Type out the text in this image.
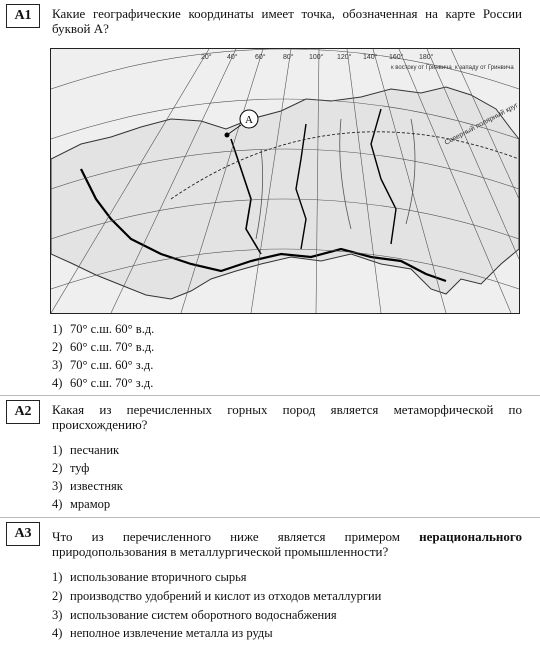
A1	Какие географические координаты имеет точка, обозначенная на карте России буквой А?
Северный полярный круг
20° 40° 60° 80° 100° 120° 140° 160° 180°
к востоку от Гринвича к западу от Гринвича
A
1) 70° с.ш. 60° в.д.
2) 60° с.ш. 70° в.д.
3) 70° с.ш. 60° з.д.
4) 60° с.ш. 70° з.д.
A2	Какая из перечисленных горных пород является метаморфической по происхождению?
1) песчаник
2) туф
3) известняк
4) мрамор
A3	Что из перечисленного ниже является примером нерационального природопользования в металлургической промышленности?
1) использование вторичного сырья
2) производство удобрений и кислот из отходов металлургии
3) использование систем оборотного водоснабжения
4) неполное извлечение металла из руды
